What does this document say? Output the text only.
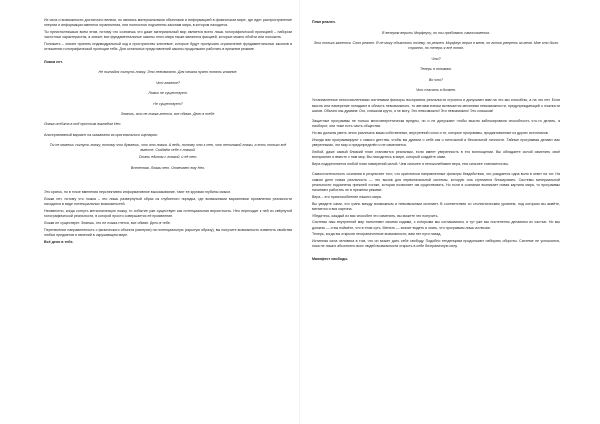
Их сила и возможности достаточно велики, но являясь материальными объектами и информацией в физическом мире, где идет распространение энергии и информации имеются ограничения, они полностью подчинены законам мира, в котором находятся.

Ты преисполнишься всем этим, потому что сознаешь что даже материальный мир является всего лишь голографической проекцией – набором частотных характеристик, а значит, все фундаментальные законы этого мира также являются фикцией, которые можно обойти или положить.

Положить – значит принять индивидуальный код и пространство ключевое, которые будут пропускать ограничение фундаментальных законов в отношении голографической проекции тебя. Для остальных представлений законы продолжают работать в прежнем режиме.

Ложки нет.

Не пытайся согнуть ложку. Это невозможно. Для начала нужно понять главное.

Что главное?

Ложки не существует.

Не существует?

Знаешь, это не ложка гнется, все обман. Дело в тебе.

Ложка отбита в под простым взглядом Нео.

Альтернативный вариант на сказанием из оригинального сценария:

Ты не можешь согнуть ложку, потому что думаешь, что это ложка. А ведь, потому что з нею, что нетинакой ложки, а есть только всё вместе. Создаём себе с ложкой.

Стань едином с ложкой, и её нет.

Вселенная. Ложки нет. Отвечает ему Нео.

Это кратко, но в точке вменения перспективно информативное высказывание, тают ее кругами глубины смысл.

Ложки нет, потому что ложка – это лишь развернутый образ из глубинного порядка, где возможными вариантами проявления реальности находятся в виде потенциальных возможностей.

Неизвестно, когда согнуть металлическую ложку, то событие уже существует как потенциальная вероятность. Нео переходит к ней из свёрнутой голографической реальности, в которой просто совершается её проявление.

Ложки не существует. Знаешь, это не ложка гнется, все обман. Дело в тебе.

Перенесение направленность с физического объекта (материи) на потенциальную (скрытую образу), вы получите возможность изменить свойства любых предметов и явлений в окружающем мире.

Всё дело в тебе.

План реален.

Я вечером верить Морфеусу, но ты пробовать самосожжения.

Это только кажется. Слон реален. Я не могу объяснить почему, но реален. Морфеус верил в меня, он готов умереть за меня. Мне это было странно, но теперь я всё понял.

Что?

Теперь я понимаю.

Во что?

Что спасать я должен.

Установленные многочисленными системами фильтры восприятия реальности строятся и допускают вам на что мы способны, а на что нет. Если мысль или намерение попадают в область невозможного, то автоматически включается механизм невозможности, предупреждающий о ложности шагов. Обычно мы думаем: Ого, слишком круто, я не могу. Это невозможно! Это невозможно! Это слишком!

Защитные программы не только многоэнергетически вредны, но и не допускают чтобы мысли заблокировали способность что-то делать, а наоборот, они тоже есть часть общества.

Но вы должны уметь четко различать ваши собственные, внутренний голос и те, которые программы, продиктованные из других источников.

Иногда вас программируют с самого детства, чтобы вы думали о себе как о ничтожной и бессильной личности. Тайные программы делают вас уверенными, что мир и предопределён и не изменяется.

Любой, даже самый близкий план становится реальным, если имеет уверенность в его воплощении. Вы обладаете силой изменить своё восприятие и вместе с ним мир. Вы находитесь в мире, который создаёте сами.

Вера подкрепляется любой план намерений силой. Чем сильнее и непоколебимее вера, тем сильнее становится вы.

Самостоятельность сознания в результате того, что критически направленные фильтры бездействия, что рождается одна воля в ответ на тот. На самом деле новая реальность — это вызов для первоначальной системы, которую она стремится блокировать. Системы материальной реальности подчинены прежней логике, которая позволяет им существовать. Но если в сознании возникает новая картина мира, то программы начинают работать не в прежнем режиме.

Вера – это приспособление нашего мира.

Вы увидите сами, что грань между возможным и невозможным исчезает. В соответствии со стилистическим уровнем, под которым вы живёте, меняется и вся картина.

Убедитесь, каждый из вас способен это изменить, вы можете это получить.

Системы наш внутренний мир наполняют своими кодами, с которыми мы соглашаемся, и тут уже мы постепенно делаемся их частью. Но мы должны — и вы поймёте, что в этом суть. Менять — значит видеть и знать, что программы лишь иллюзия.

Теперь, когда вы открыли неограниченные возможности, вам нет пути назад.

Истинная сила человека в том, что он может дать себе свободу. Подобно тенденциям продолжают набирать обороты. Системе не успокоится, пока не лишит абсолютно всех людей возможности открыть в себе безграничную силу.

Манифест свободы.
